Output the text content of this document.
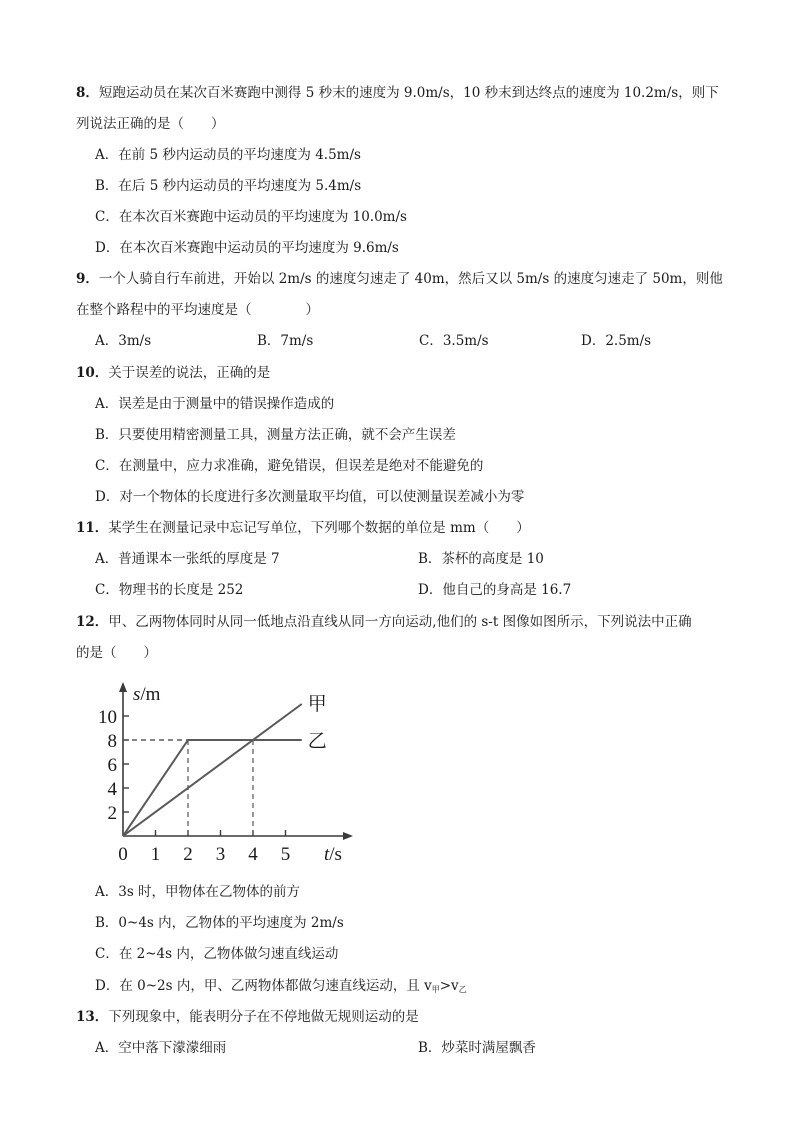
8．短跑运动员在某次百米赛跑中测得 5 秒末的速度为 9.0m/s，10 秒末到达终点的速度为 10.2m/s，则下
列说法正确的是（　　）
A．在前 5 秒内运动员的平均速度为 4.5m/s
B．在后 5 秒内运动员的平均速度为 5.4m/s
C．在本次百米赛跑中运动员的平均速度为 10.0m/s
D．在本次百米赛跑中运动员的平均速度为 9.6m/s
9．一个人骑自行车前进，开始以 2m/s 的速度匀速走了 40m，然后又以 5m/s 的速度匀速走了 50m，则他
在整个路程中的平均速度是（　　　　）
A．3m/s	B．7m/s	C．3.5m/s	D．2.5m/s
10．关于误差的说法，正确的是
A．误差是由于测量中的错误操作造成的
B．只要使用精密测量工具，测量方法正确，就不会产生误差
C．在测量中，应力求准确，避免错误，但误差是绝对不能避免的
D．对一个物体的长度进行多次测量取平均值，可以使测量误差减小为零
11．某学生在测量记录中忘记写单位，下列哪个数据的单位是 mm（　　）
A．普通课本一张纸的厚度是 7	B．茶杯的高度是 10
C．物理书的长度是 252	D．他自己的身高是 16.7
12．甲、乙两物体同时从同一低地点沿直线从同一方向运动,他们的 s-t 图像如图所示，下列说法中正确
的是（　　）
2
4
6
8
10
0 1 2 3 4 5
s/m
t/s
甲
乙
A．3s 时，甲物体在乙物体的前方
B．0~4s 内，乙物体的平均速度为 2m/s
C．在 2~4s 内，乙物体做匀速直线运动
D．在 0~2s 内，甲、乙两物体都做匀速直线运动，且 $v_甲>v_乙$
13．下列现象中，能表明分子在不停地做无规则运动的是
A．空中落下濛濛细雨	B．炒菜时满屋飘香
